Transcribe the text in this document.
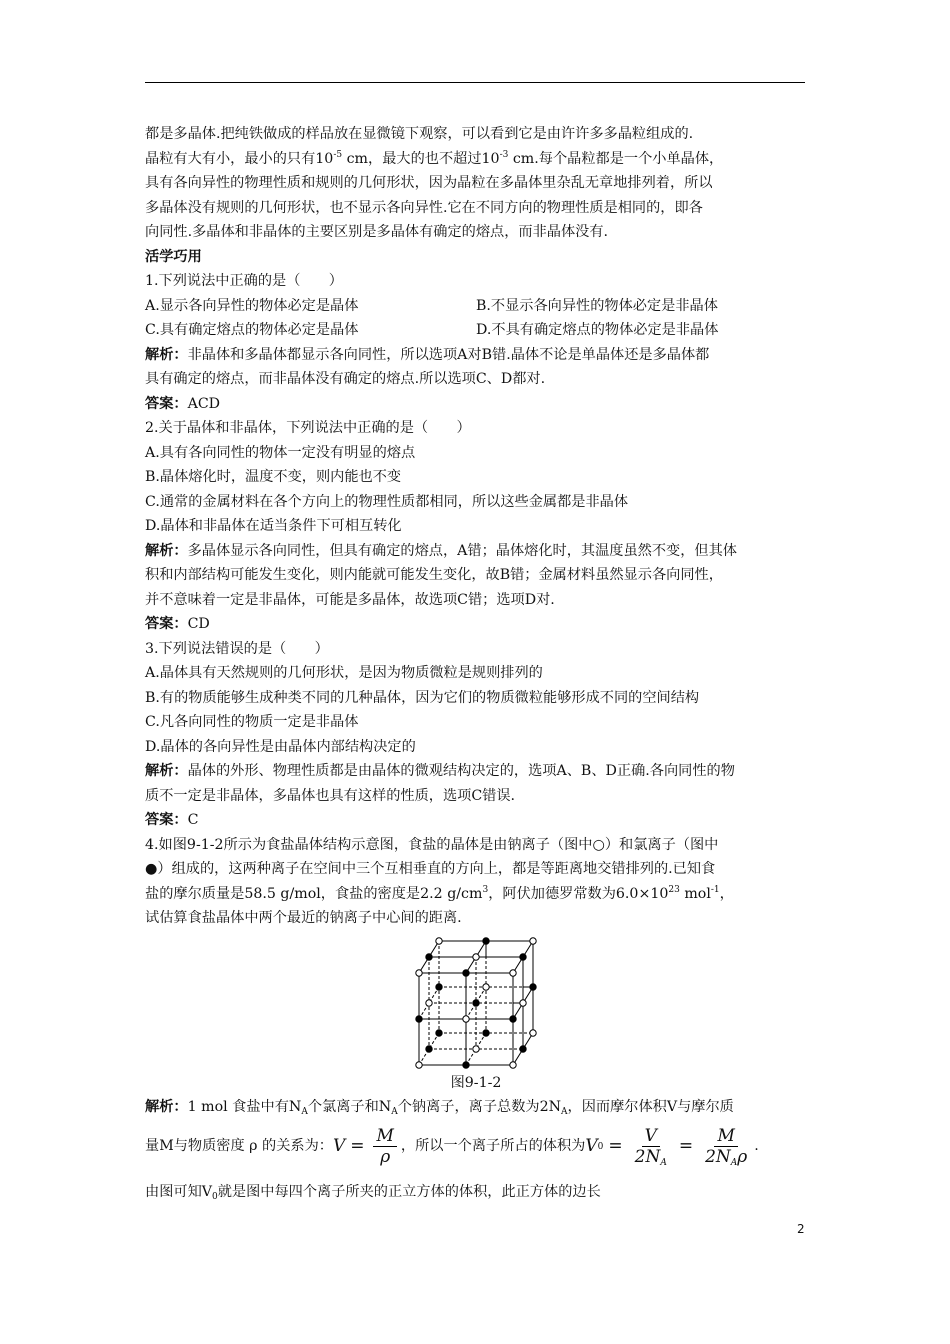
都是多晶体.把纯铁做成的样品放在显微镜下观察，可以看到它是由许许多多晶粒组成的.

晶粒有大有小，最小的只有$10^{-5}$ cm，最大的也不超过$10^{-3}$ cm.每个晶粒都是一个小单晶体，

具有各向异性的物理性质和规则的几何形状，因为晶粒在多晶体里杂乱无章地排列着，所以

多晶体没有规则的几何形状，也不显示各向异性.它在不同方向的物理性质是相同的，即各

向同性.多晶体和非晶体的主要区别是多晶体有确定的熔点，而非晶体没有.

活学巧用

1.下列说法中正确的是（　　）

A.显示各向异性的物体必定是晶体	B.不显示各向异性的物体必定是非晶体

C.具有确定熔点的物体必定是晶体	D.不具有确定熔点的物体必定是非晶体

解析：非晶体和多晶体都显示各向同性，所以选项A对B错.晶体不论是单晶体还是多晶体都

具有确定的熔点，而非晶体没有确定的熔点.所以选项C、D都对.

答案：ACD

2.关于晶体和非晶体，下列说法中正确的是（　　）

A.具有各向同性的物体一定没有明显的熔点

B.晶体熔化时，温度不变，则内能也不变

C.通常的金属材料在各个方向上的物理性质都相同，所以这些金属都是非晶体

D.晶体和非晶体在适当条件下可相互转化

解析：多晶体显示各向同性，但具有确定的熔点，A错；晶体熔化时，其温度虽然不变，但其体

积和内部结构可能发生变化，则内能就可能发生变化，故B错；金属材料虽然显示各向同性，

并不意味着一定是非晶体，可能是多晶体，故选项C错；选项D对.

答案：CD

3.下列说法错误的是（　　）

A.晶体具有天然规则的几何形状，是因为物质微粒是规则排列的

B.有的物质能够生成种类不同的几种晶体，因为它们的物质微粒能够形成不同的空间结构

C.凡各向同性的物质一定是非晶体

D.晶体的各向异性是由晶体内部结构决定的

解析：晶体的外形、物理性质都是由晶体的微观结构决定的，选项A、B、D正确.各向同性的物

质不一定是非晶体，多晶体也具有这样的性质，选项C错误.

答案：C

4.如图9-1-2所示为食盐晶体结构示意图，食盐的晶体是由钠离子（图中○）和氯离子（图中

●）组成的，这两种离子在空间中三个互相垂直的方向上，都是等距离地交错排列的.已知食

盐的摩尔质量是58.5 g/mol，食盐的密度是2.2 $g/cm^3$，阿伏加德罗常数为$6.0\times 10^{23}$ mol$^{-1}$，

试估算食盐晶体中两个最近的钠离子中心间的距离.

图9-1-2

解析：1 mol 食盐中有$N_A$个氯离子和$N_A$个钠离子，离子总数为$2N_A$，因而摩尔体积V与摩尔质

量M与物质密度 ρ 的关系为： $V = \frac{M}{\rho}$ ，所以一个离子所占的体积为 V $0 = \frac{V}{2N_A} = \frac{M}{2N_A\rho}$ .

由图可知$V_0$就是图中每四个离子所夹的正立方体的体积，此正方体的边长

2
